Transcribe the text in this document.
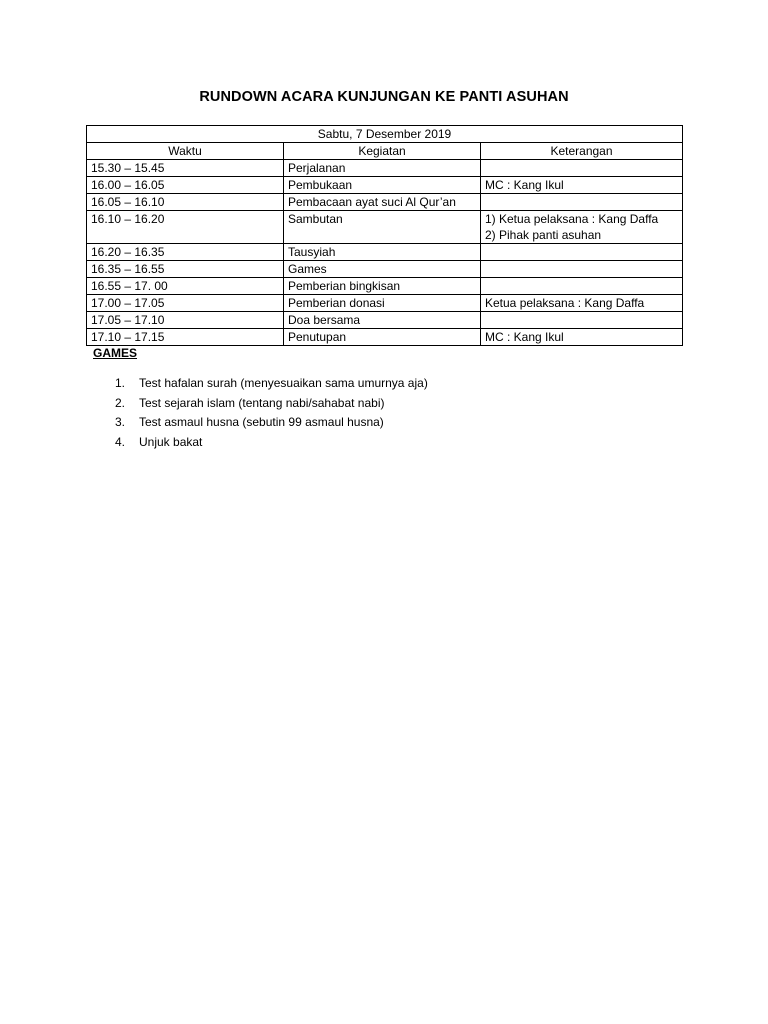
RUNDOWN ACARA KUNJUNGAN KE PANTI ASUHAN
Sabtu, 7 Desember 2019		
Waktu	Kegiatan	Keterangan
15.30 – 15.45	Perjalanan	
16.00 – 16.05	Pembukaan	MC : Kang Ikul

16.05 – 16.10	Pembacaan ayat suci Al Qur’an	
16.10 – 16.20	Sambutan	1) Ketua pelaksana : Kang Daffa
2) Pihak panti asuhan

16.20 – 16.35	Tausyiah	
16.35 – 16.55	Games	
16.55 – 17. 00	Pemberian bingkisan	
17.00 – 17.05	Pemberian donasi	Ketua pelaksana : Kang Daffa

17.05 – 17.10	Doa bersama	
17.10 – 17.15	Penutupan	MC : Kang Ikul
GAMES
1. Test hafalan surah (menyesuaikan sama umurnya aja)
2. Test sejarah islam (tentang nabi/sahabat nabi)
3. Test asmaul husna (sebutin 99 asmaul husna)
4. Unjuk bakat
